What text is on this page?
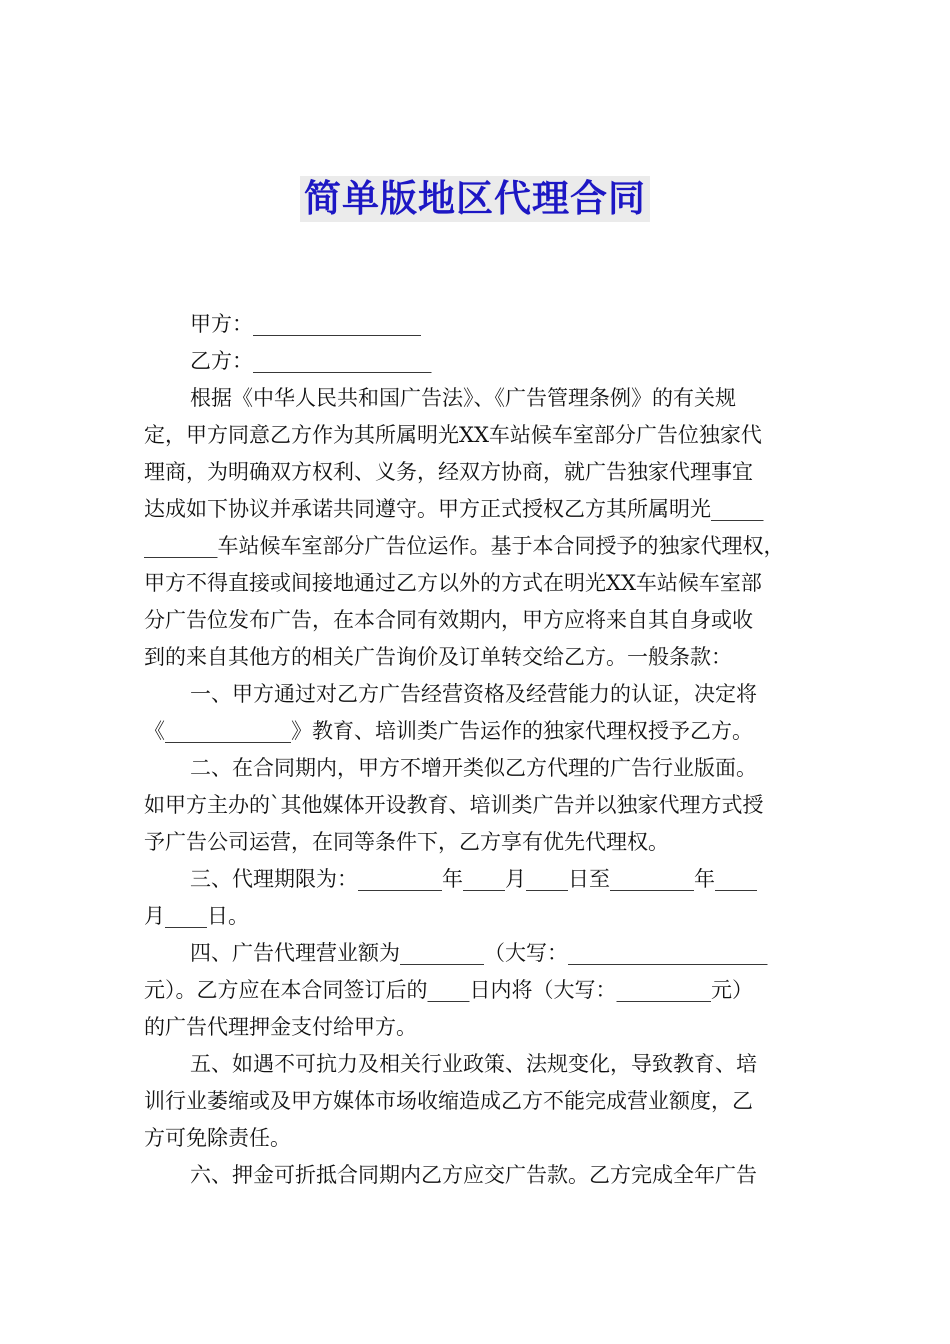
简单版地区代理合同
甲方：________________
乙方：_________________
根据《中华人民共和国广告法》、《广告管理条例》的有关规
定，甲方同意乙方作为其所属明光XX车站候车室部分广告位独家代
理商，为明确双方权利、义务，经双方协商，就广告独家代理事宜
达成如下协议并承诺共同遵守。甲方正式授权乙方其所属明光_____
_______车站候车室部分广告位运作。基于本合同授予的独家代理权，
甲方不得直接或间接地通过乙方以外的方式在明光XX车站候车室部
分广告位发布广告，在本合同有效期内，甲方应将来自其自身或收
到的来自其他方的相关广告询价及订单转交给乙方。一般条款：
一、甲方通过对乙方广告经营资格及经营能力的认证，决定将
《____________》教育、培训类广告运作的独家代理权授予乙方。
二、在合同期内，甲方不增开类似乙方代理的广告行业版面。
如甲方主办的`其他媒体开设教育、培训类广告并以独家代理方式授
予广告公司运营，在同等条件下，乙方享有优先代理权。
三、代理期限为：________年____月____日至________年____
月____日。
四、广告代理营业额为________（大写：___________________
元）。乙方应在本合同签订后的____日内将（大写：_________元）
的广告代理押金支付给甲方。
五、如遇不可抗力及相关行业政策、法规变化，导致教育、培
训行业萎缩或及甲方媒体市场收缩造成乙方不能完成营业额度，乙
方可免除责任。
六、押金可折抵合同期内乙方应交广告款。乙方完成全年广告
